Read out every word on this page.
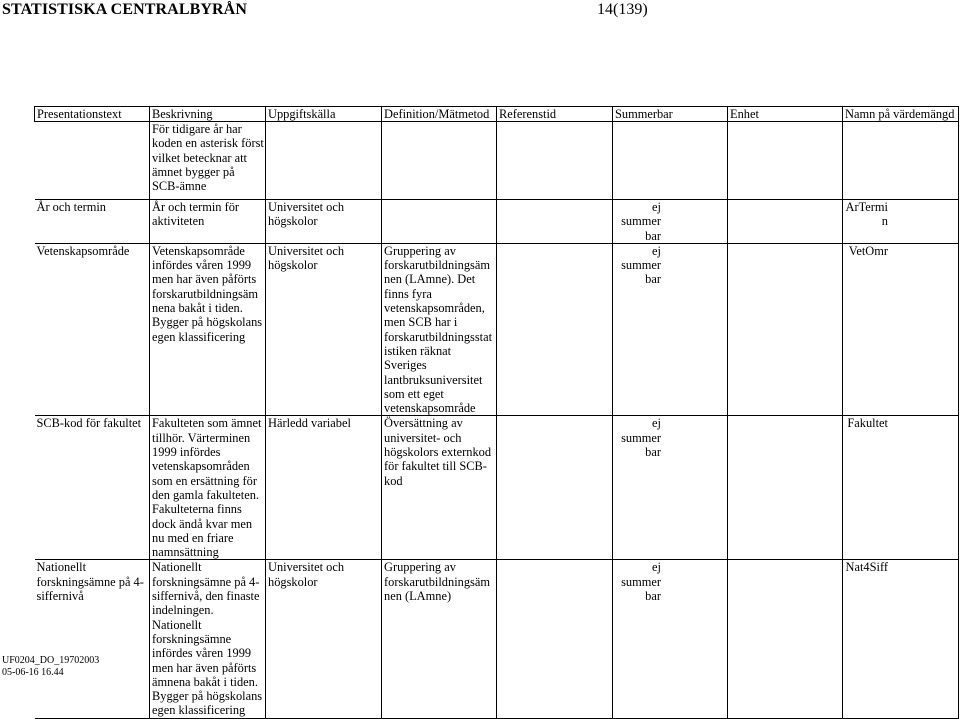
STATISTISKA CENTRALBYRÅN	14(139)
Presentationstext	Beskrivning	Uppgiftskälla	Definition/Mätmetod	Referenstid	Summerbar	Enhet	Namn på värdemängd
	För tidigare år har koden en asterisk först vilket betecknar att ämnet bygger på SCB-ämne						
År och termin	År och termin för aktiviteten	Universitet och högskolor			ej summerbar		ArTermin
Vetenskapsområde	Vetenskapsområde infördes våren 1999 men har även påförts forskarutbildningsämnena bakåt i tiden. Bygger på högskolans egen klassificering	Universitet och högskolor	Gruppering av forskarutbildningsämnen (LAmne). Det finns fyra vetenskapsområden, men SCB har i forskarutbildningsstatistiken räknat Sveriges lantbruksuniversitet som ett eget vetenskapsområde		ej summerbar		VetOmr
SCB-kod för fakultet	Fakulteten som ämnet tillhör. Värterminen 1999 infördes vetenskapsområden som en ersättning för den gamla fakulteten. Fakulteterna finns dock ändå kvar men nu med en friare namnsättning	Härledd variabel	Översättning av universitet- och högskolors externkod för fakultet till SCB-kod		ej summerbar		Fakultet
Nationellt forskningsämne på 4-siffernivå	Nationellt forskningsämne på 4-siffernivå, den finaste indelningen. Nationellt forskningsämne infördes våren 1999 men har även påförts ämnena bakåt i tiden. Bygger på högskolans egen klassificering	Universitet och högskolor	Gruppering av forskarutbildningsämnen (LAmne)		ej summerbar		Nat4Siff
UF0204_DO_19702003
05-06-16 16.44
